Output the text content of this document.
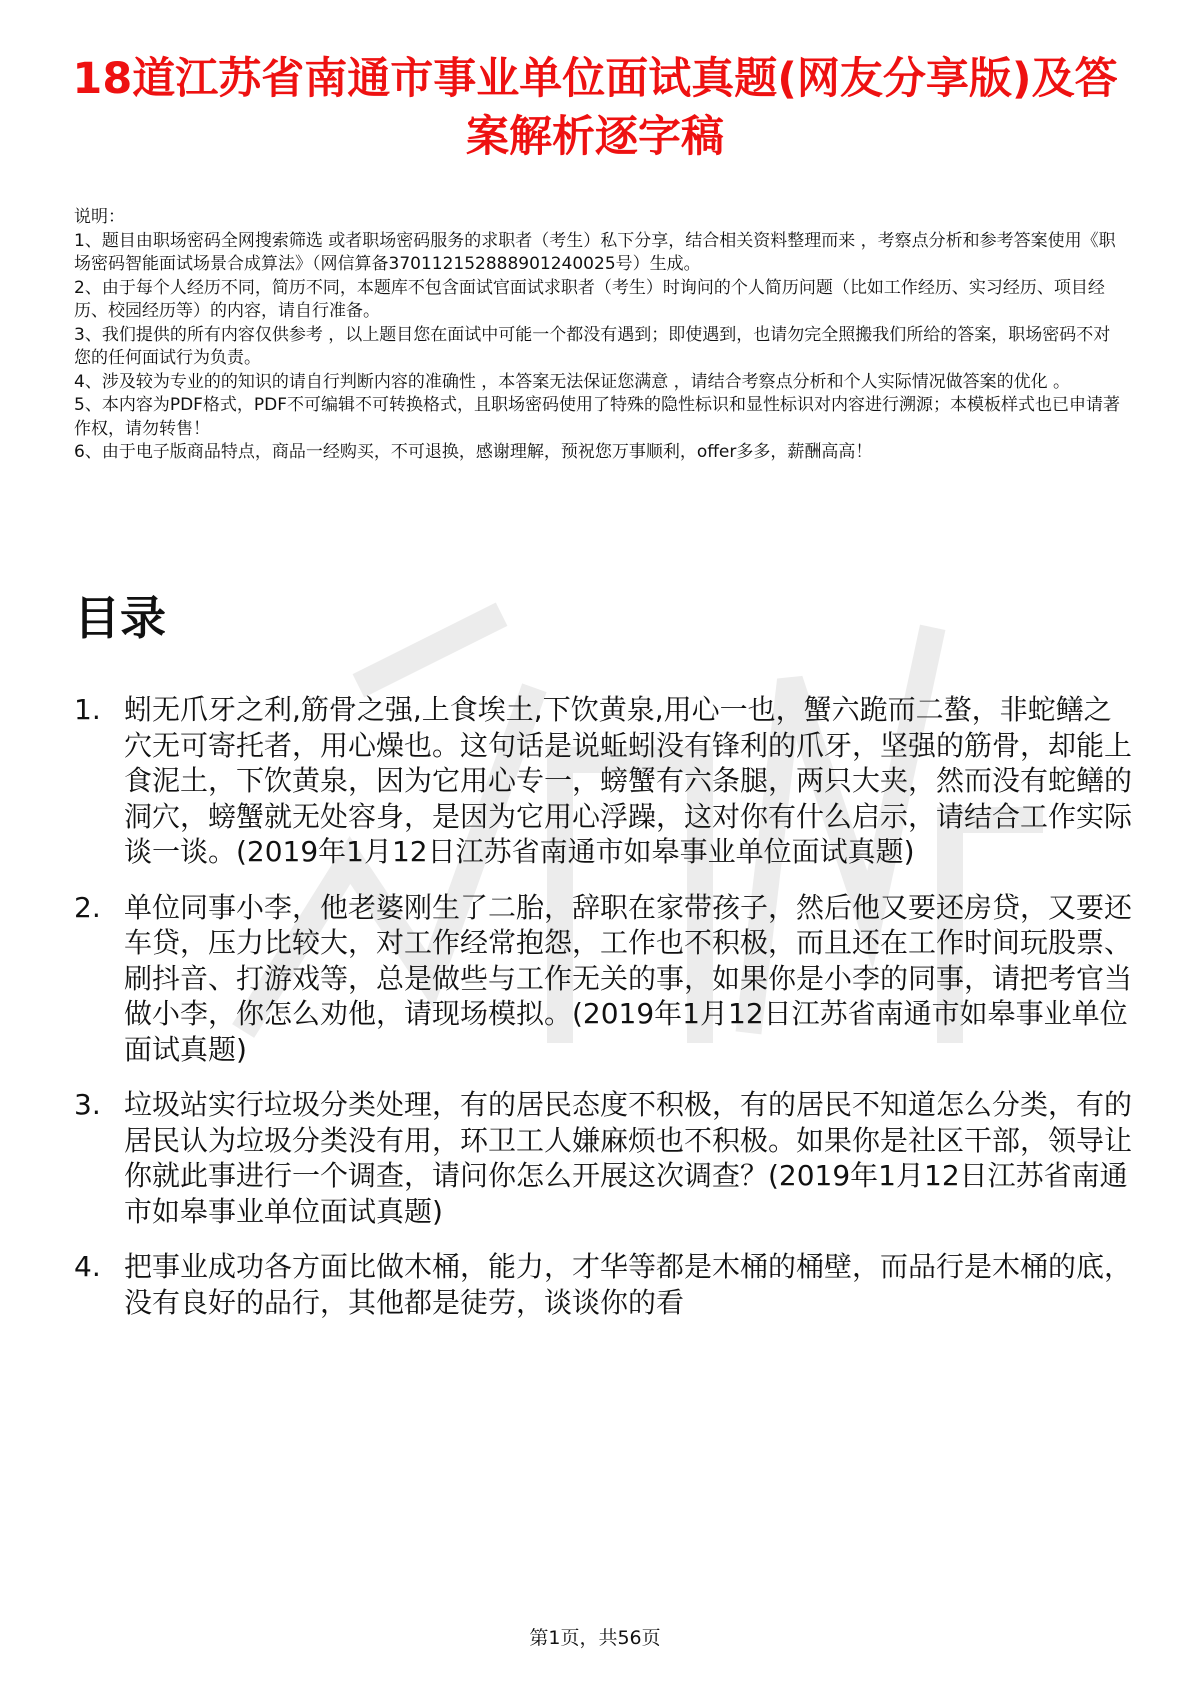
18道江苏省南通市事业单位面试真题(网友分享版)及答案解析逐字稿

说明：

1、题目由职场密码全网搜索筛选 或者职场密码服务的求职者（考生）私下分享，结合相关资料整理而来 ，考察点分析和参考答案使用《职场密码智能面试场景合成算法》（网信算备370112152888901240025号）生成。

2、由于每个人经历不同，简历不同，本题库不包含面试官面试求职者（考生）时询问的个人简历问题（比如工作经历、实习经历、项目经历、校园经历等）的内容，请自行准备。

3、我们提供的所有内容仅供参考 ，以上题目您在面试中可能一个都没有遇到；即使遇到，也请勿完全照搬我们所给的答案，职场密码不对您的任何面试行为负责。

4、涉及较为专业的的知识的请自行判断内容的准确性 ，本答案无法保证您满意 ，请结合考察点分析和个人实际情况做答案的优化 。

5、本内容为PDF格式，PDF不可编辑不可转换格式，且职场密码使用了特殊的隐性标识和显性标识对内容进行溯源；本模板样式也已申请著作权，请勿转售！

6、由于电子版商品特点，商品一经购买，不可退换，感谢理解，预祝您万事顺利，offer多多，薪酬高高！

目录
1. 蚓无爪牙之利,筋骨之强,上食埃土,下饮黄泉,用心一也，蟹六跪而二螯，非蛇鳝之穴无可寄托者，用心燥也。这句话是说蚯蚓没有锋利的爪牙，坚强的筋骨，却能上食泥土，下饮黄泉，因为它用心专一，螃蟹有六条腿，两只大夹，然而没有蛇鳝的洞穴，螃蟹就无处容身，是因为它用心浮躁，这对你有什么启示，请结合工作实际谈一谈。(2019年1月12日江苏省南通市如皋事业单位面试真题)
2. 单位同事小李，他老婆刚生了二胎，辞职在家带孩子，然后他又要还房贷，又要还车贷，压力比较大，对工作经常抱怨，工作也不积极，而且还在工作时间玩股票、刷抖音、打游戏等，总是做些与工作无关的事，如果你是小李的同事，请把考官当做小李，你怎么劝他，请现场模拟。(2019年1月12日江苏省南通市如皋事业单位面试真题)
3. 垃圾站实行垃圾分类处理，有的居民态度不积极，有的居民不知道怎么分类，有的居民认为垃圾分类没有用，环卫工人嫌麻烦也不积极。如果你是社区干部，领导让你就此事进行一个调查，请问你怎么开展这次调查？(2019年1月12日江苏省南通市如皋事业单位面试真题)
4. 把事业成功各方面比做木桶，能力，才华等都是木桶的桶壁，而品行是木桶的底，没有良好的品行，其他都是徒劳，谈谈你的看
第1页，共56页
